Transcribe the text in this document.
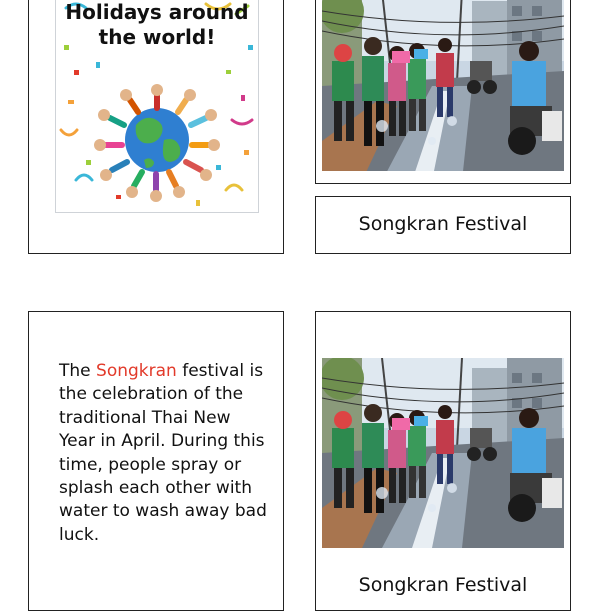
Holidays around
the world!
Songkran Festival
The Songkran festival is the celebration of the traditional Thai New Year in April. During this time, people spray or splash each other with water to wash away bad luck.
Songkran Festival
